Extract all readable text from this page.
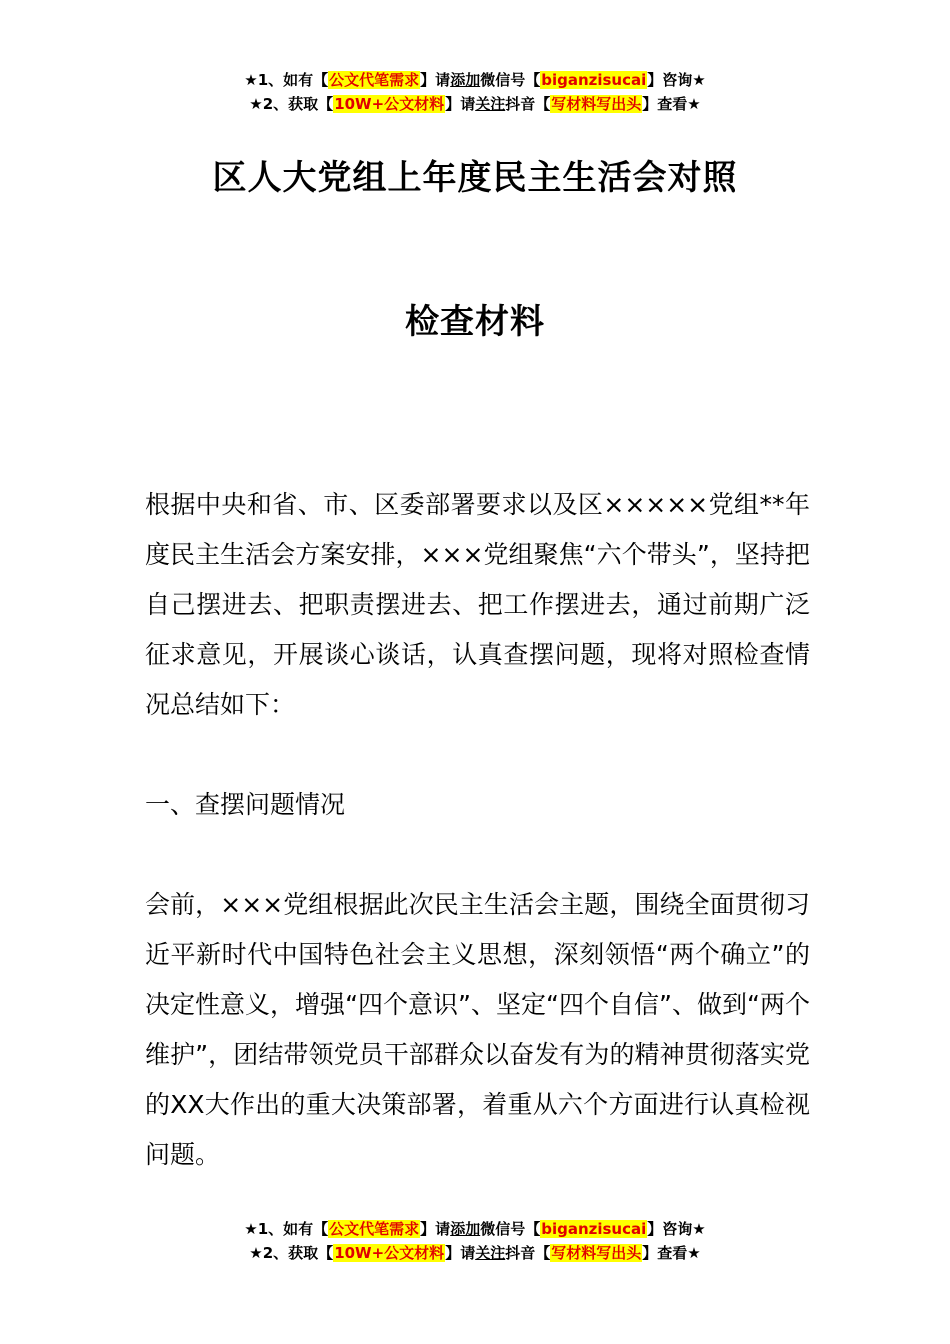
★1、如有【公文代笔需求】请添加微信号【biganzisucai】咨询★
★2、获取【10W+公文材料】请关注抖音【写材料写出头】查看★
区人大党组上年度民主生活会对照
检查材料

根据中央和省、市、区委部署要求以及区×××××党组**年度民主生活会方案安排，×××党组聚焦“六个带头”，坚持把自己摆进去、把职责摆进去、把工作摆进去，通过前期广泛征求意见，开展谈心谈话，认真查摆问题，现将对照检查情况总结如下：

一、查摆问题情况

会前，×××党组根据此次民主生活会主题，围绕全面贯彻习近平新时代中国特色社会主义思想，深刻领悟“两个确立”的决定性意义，增强“四个意识”、坚定“四个自信”、做到“两个维护”，团结带领党员干部群众以奋发有为的精神贯彻落实党的XX大作出的重大决策部署，着重从六个方面进行认真检视问题。

★1、如有【公文代笔需求】请添加微信号【biganzisucai】咨询★
★2、获取【10W+公文材料】请关注抖音【写材料写出头】查看★
